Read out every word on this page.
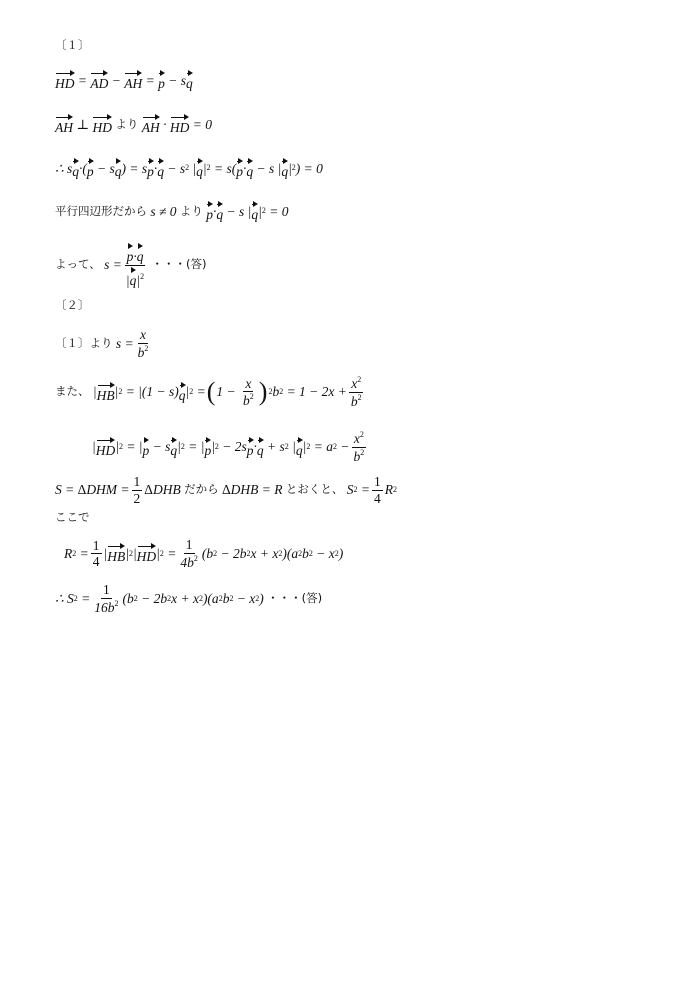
〔１〕
HD = AD − AH = p − s q
AH ⊥ HD
より
AH · HD = 0
∴ s q ·( p − s q ) = s p · q − s 2 | q | 2 = s( p · q − s | q | 2 ) = 0
平行四辺形だから
s ≠ 0
より
p · q − s | q | 2 = 0
よって、 $s = \frac{p\cdot q}{|q|^2}$
・・・(答)
〔２〕
〔１〕より $s = \frac{x}{b^2}$
また、 | HB | 2 = |(1 − s) q | 2 = ( $1 - \frac{x}{b^2}$ ) 2 b $2 = 1 - 2x + \frac{x^2}{b^2}$
| HD | 2 = | p − s q | 2 = | p | 2 − 2s p · q + s 2 | q | 2 = a $2 - \frac{x^2}{b^2}$
S = Δ DHM = $\frac{1}{2}$ Δ DHB だから
Δ DHB = R とおくと、 S $2 = \frac{1}{4}$ R 2
ここで
R $2 = \frac{1}{4}$ | HB | 2 | HD | $2 = \frac{1}{4b^2} (b$ 2 − 2b 2 x + x 2 )(a 2 b 2 − x 2 )
∴ S $2 = \frac{1}{16b^2} (b$ 2 − 2b 2 x + x 2 )(a 2 b 2 − x 2 ) ・・・(答)
